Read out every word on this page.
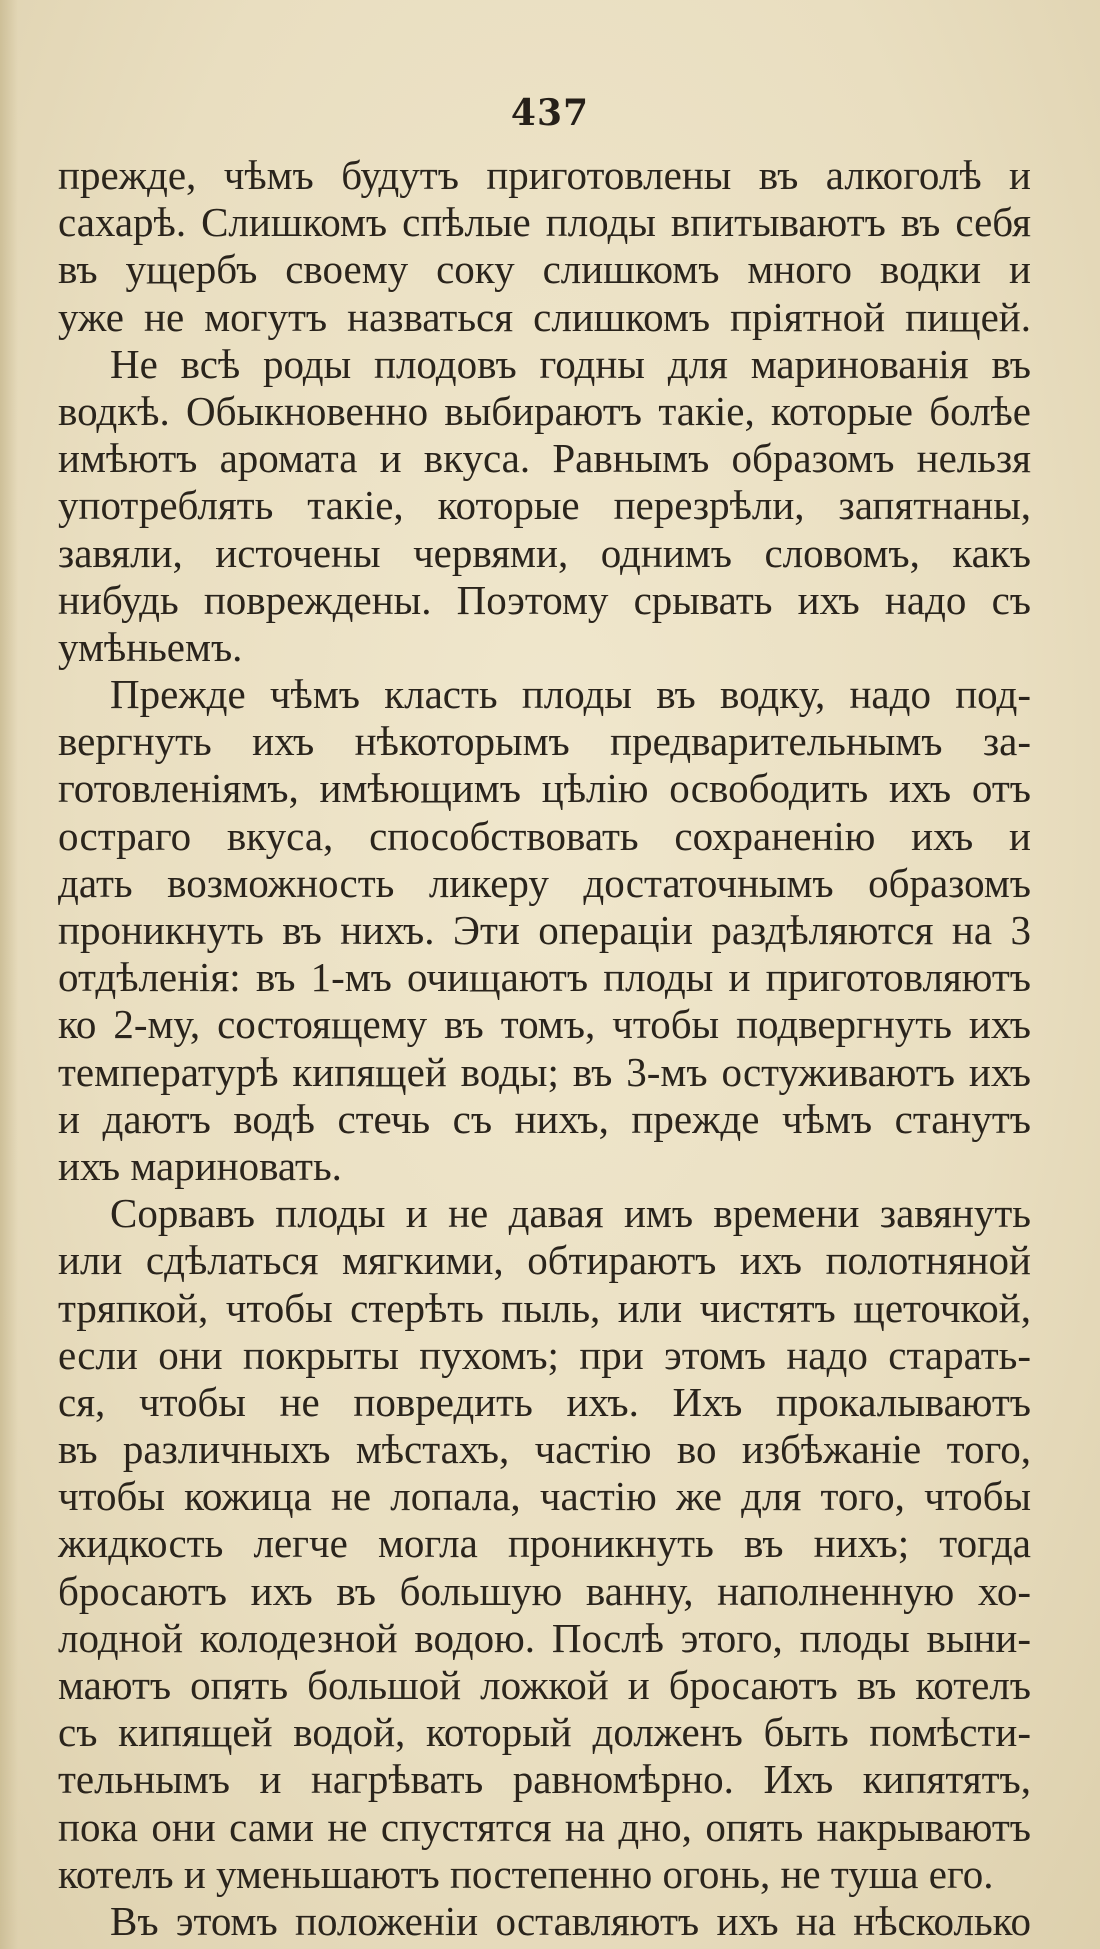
437
прежде, чѣмъ будутъ приготовлены въ алкоголѣ и
сахарѣ. Слишкомъ спѣлые плоды впитываютъ въ себя
въ ущербъ своему соку слишкомъ много водки и
уже не могутъ назваться слишкомъ прiятной пищей.
Не всѣ роды плодовъ годны для маринованiя въ
водкѣ. Обыкновенно выбираютъ такiе, которые болѣе
имѣютъ аромата и вкуса. Равнымъ образомъ нельзя
употреблять такiе, которые перезрѣли, запятнаны,
завяли, источены червями, однимъ словомъ, какъ
нибудь повреждены. Поэтому срывать ихъ надо съ
умѣньемъ.
Прежде чѣмъ класть плоды въ водку, надо под-
вергнуть ихъ нѣкоторымъ предварительнымъ за-
готовленiямъ, имѣющимъ цѣлiю освободить ихъ отъ
остраго вкуса, способствовать сохраненiю ихъ и
дать возможность ликеру достаточнымъ образомъ
проникнуть въ нихъ. Эти операцiи раздѣляются на 3
отдѣленiя: въ 1-мъ очищаютъ плоды и приготовляютъ
ко 2-му, состоящему въ томъ, чтобы подвергнуть ихъ
температурѣ кипящей воды; въ 3-мъ остуживаютъ ихъ
и даютъ водѣ стечь съ нихъ, прежде чѣмъ станутъ
ихъ мариновать.
Сорвавъ плоды и не давая имъ времени завянуть
или сдѣлаться мягкими, обтираютъ ихъ полотняной
тряпкой, чтобы стерѣть пыль, или чистятъ щеточкой,
если они покрыты пухомъ; при этомъ надо старать-
ся, чтобы не повредить ихъ. Ихъ прокалываютъ
въ различныхъ мѣстахъ, частiю во избѣжанiе того,
чтобы кожица не лопала, частiю же для того, чтобы
жидкость легче могла проникнуть въ нихъ; тогда
бросаютъ ихъ въ большую ванну, наполненную хо-
лодной колодезной водою. Послѣ этого, плоды выни-
маютъ опять большой ложкой и бросаютъ въ котелъ
съ кипящей водой, который долженъ быть помѣсти-
тельнымъ и нагрѣвать равномѣрно. Ихъ кипятятъ,
пока они сами не спустятся на дно, опять накрываютъ
котелъ и уменьшаютъ постепенно огонь, не туша его.
Въ этомъ положенiи оставляютъ ихъ на нѣсколько
